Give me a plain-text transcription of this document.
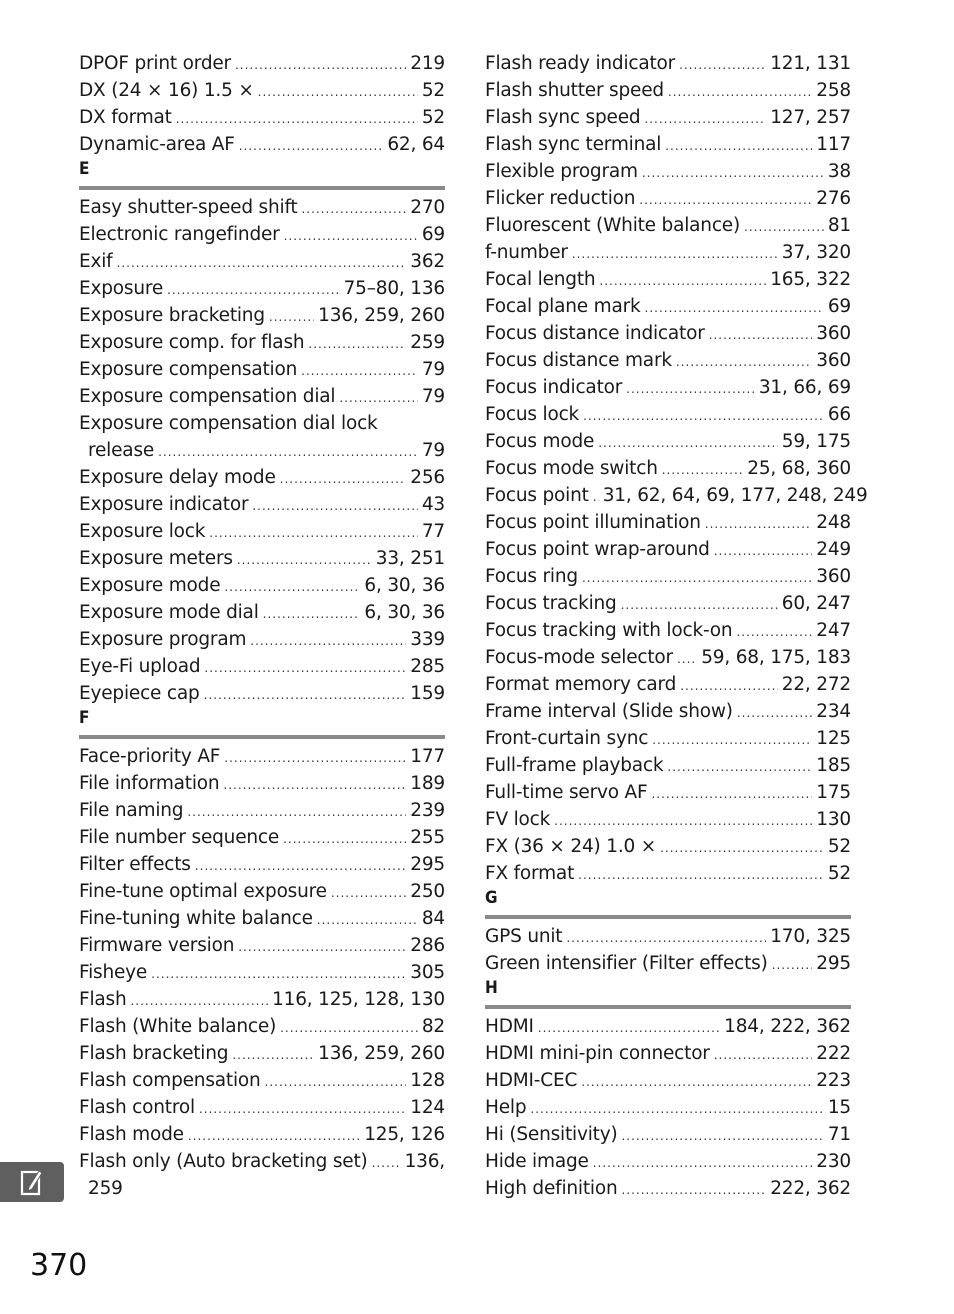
DPOF print order .....	219
DX (24 × 16) 1.5 × .....	52
DX format .....	52
Dynamic-area AF .....	62, 64
E
Easy shutter-speed shift .....	270
Electronic rangefinder .....	69
Exif .....	362
Exposure .....	75–80, 136
Exposure bracketing .....	136, 259, 260
Exposure comp. for flash .....	259
Exposure compensation .....	79
Exposure compensation dial .....	79
Exposure compensation dial lock
release .....	79
Exposure delay mode .....	256
Exposure indicator .....	43
Exposure lock .....	77
Exposure meters .....	33, 251
Exposure mode .....	6, 30, 36
Exposure mode dial .....	6, 30, 36
Exposure program .....	339
Eye-Fi upload .....	285
Eyepiece cap .....	159
F
Face-priority AF .....	177
File information .....	189
File naming .....	239
File number sequence .....	255
Filter effects .....	295
Fine-tune optimal exposure .....	250
Fine-tuning white balance .....	84
Firmware version .....	286
Fisheye .....	305
Flash .....	116, 125, 128, 130
Flash (White balance) .....	82
Flash bracketing .....	136, 259, 260
Flash compensation .....	128
Flash control .....	124
Flash mode .....	125, 126
Flash only (Auto bracketing set) ..... 136,
259
Flash ready indicator .....	121, 131
Flash shutter speed .....	258
Flash sync speed .....	127, 257
Flash sync terminal .....	117
Flexible program .....	38
Flicker reduction .....	276
Fluorescent (White balance) .....	81
f-number .....	37, 320
Focal length .....	165, 322
Focal plane mark .....	69
Focus distance indicator .....	360
Focus distance mark .....	360
Focus indicator .....	31, 66, 69
Focus lock .....	66
Focus mode .....	59, 175
Focus mode switch .....	25, 68, 360
Focus point ..... 31, 62, 64, 69, 177, 248, 249
Focus point illumination .....	248
Focus point wrap-around .....	249
Focus ring .....	360
Focus tracking .....	60, 247
Focus tracking with lock-on .....	247
Focus-mode selector ..... 59, 68, 175, 183
Format memory card .....	22, 272
Frame interval (Slide show) .....	234
Front-curtain sync .....	125
Full-frame playback .....	185
Full-time servo AF .....	175
FV lock .....	130
FX (36 × 24) 1.0 × .....	52
FX format .....	52
G
GPS unit .....	170, 325
Green intensifier (Filter effects) .....	295
H
HDMI .....	184, 222, 362
HDMI mini-pin connector .....	222
HDMI-CEC .....	223
Help .....	15
Hi (Sensitivity) .....	71
Hide image .....	230
High definition .....	222, 362
370
